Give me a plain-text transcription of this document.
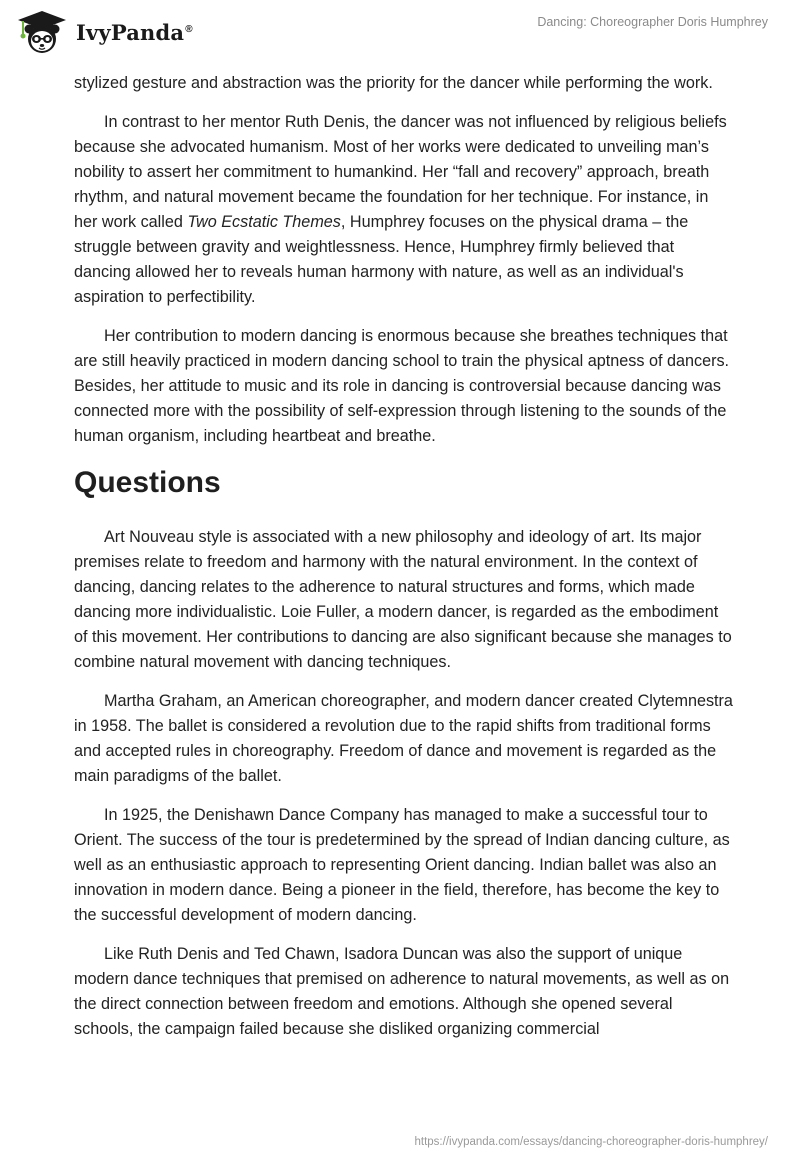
IvyPanda®	Dancing: Choreographer Doris Humphrey

stylized gesture and abstraction was the priority for the dancer while performing the work.

In contrast to her mentor Ruth Denis, the dancer was not influenced by religious beliefs because she advocated humanism. Most of her works were dedicated to unveiling man’s nobility to assert her commitment to humankind. Her “fall and recovery” approach, breath rhythm, and natural movement became the foundation for her technique. For instance, in her work called Two Ecstatic Themes, Humphrey focuses on the physical drama – the struggle between gravity and weightlessness. Hence, Humphrey firmly believed that dancing allowed her to reveals human harmony with nature, as well as an individual's aspiration to perfectibility.

Her contribution to modern dancing is enormous because she breathes techniques that are still heavily practiced in modern dancing school to train the physical aptness of dancers. Besides, her attitude to music and its role in dancing is controversial because dancing was connected more with the possibility of self-expression through listening to the sounds of the human organism, including heartbeat and breathe.

Questions

Art Nouveau style is associated with a new philosophy and ideology of art. Its major premises relate to freedom and harmony with the natural environment. In the context of dancing, dancing relates to the adherence to natural structures and forms, which made dancing more individualistic. Loie Fuller, a modern dancer, is regarded as the embodiment of this movement. Her contributions to dancing are also significant because she manages to combine natural movement with dancing techniques.

Martha Graham, an American choreographer, and modern dancer created Clytemnestra in 1958. The ballet is considered a revolution due to the rapid shifts from traditional forms and accepted rules in choreography. Freedom of dance and movement is regarded as the main paradigms of the ballet.

In 1925, the Denishawn Dance Company has managed to make a successful tour to Orient. The success of the tour is predetermined by the spread of Indian dancing culture, as well as an enthusiastic approach to representing Orient dancing. Indian ballet was also an innovation in modern dance. Being a pioneer in the field, therefore, has become the key to the successful development of modern dancing.

Like Ruth Denis and Ted Chawn, Isadora Duncan was also the support of unique modern dance techniques that premised on adherence to natural movements, as well as on the direct connection between freedom and emotions. Although she opened several schools, the campaign failed because she disliked organizing commercial

https://ivypanda.com/essays/dancing-choreographer-doris-humphrey/
